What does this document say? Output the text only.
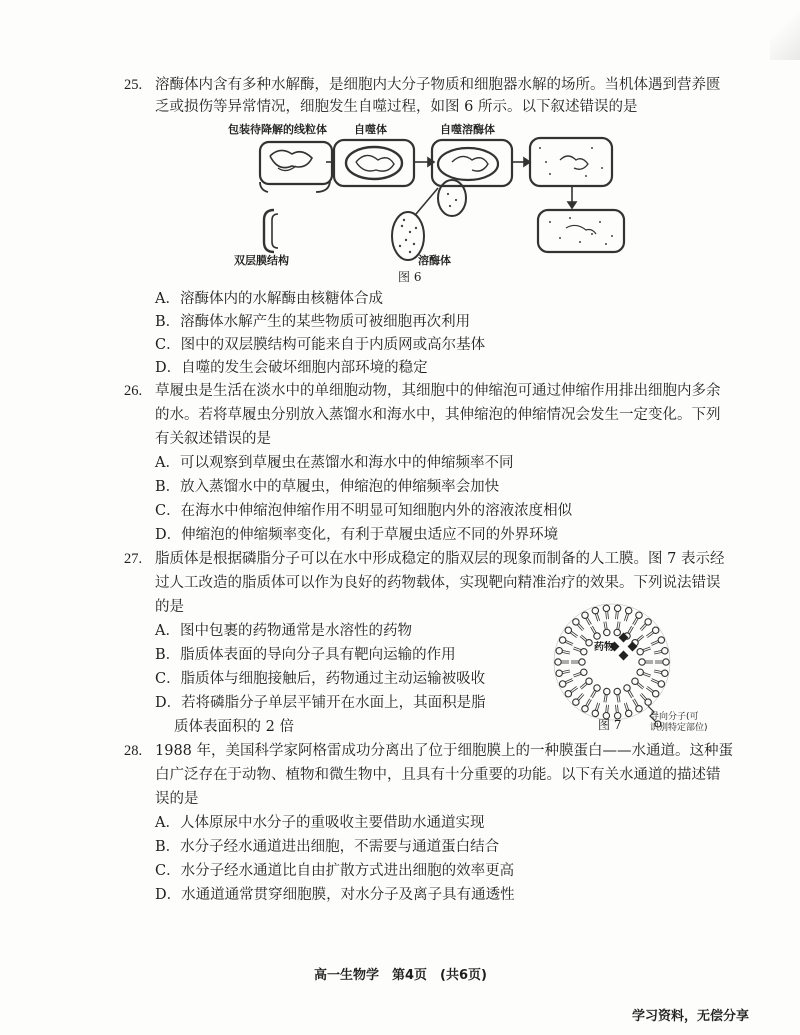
25. 溶酶体内含有多种水解酶，是细胞内大分子物质和细胞器水解的场所。当机体遇到营养匮
乏或损伤等异常情况，细胞发生自噬过程，如图 6 所示。以下叙述错误的是
包装待降解的线粒体 自噬体	自噬溶酶体
双层膜结构	溶酶体
图 6
A．溶酶体内的水解酶由核糖体合成
B．溶酶体水解产生的某些物质可被细胞再次利用
C．图中的双层膜结构可能来自于内质网或高尔基体
D．自噬的发生会破坏细胞内部环境的稳定
26. 草履虫是生活在淡水中的单细胞动物，其细胞中的伸缩泡可通过伸缩作用排出细胞内多余
的水。若将草履虫分别放入蒸馏水和海水中，其伸缩泡的伸缩情况会发生一定变化。下列
有关叙述错误的是
A．可以观察到草履虫在蒸馏水和海水中的伸缩频率不同
B．放入蒸馏水中的草履虫，伸缩泡的伸缩频率会加快
C．在海水中伸缩泡伸缩作用不明显可知细胞内外的溶液浓度相似
D．伸缩泡的伸缩频率变化，有利于草履虫适应不同的外界环境
27. 脂质体是根据磷脂分子可以在水中形成稳定的脂双层的现象而制备的人工膜。图 7 表示经
过人工改造的脂质体可以作为良好的药物载体，实现靶向精准治疗的效果。下列说法错误
的是
A．图中包裹的药物通常是水溶性的药物
B．脂质体表面的导向分子具有靶向运输的作用
C．脂质体与细胞接触后，药物通过主动运输被吸收
D．若将磷脂分子单层平铺开在水面上，其面积是脂
质体表面积的 2 倍
药物
导向分子(可
识别特定部位)
图 7
28. 1988 年，美国科学家阿格雷成功分离出了位于细胞膜上的一种膜蛋白——水通道。这种蛋
白广泛存在于动物、植物和微生物中，且具有十分重要的功能。以下有关水通道的描述错
误的是
A．人体原尿中水分子的重吸收主要借助水通道实现
B．水分子经水通道进出细胞，不需要与通道蛋白结合
C．水分子经水通道比自由扩散方式进出细胞的效率更高
D．水通道通常贯穿细胞膜，对水分子及离子具有通透性
高一生物学　第4页　(共6页)
学习资料，无偿分享
